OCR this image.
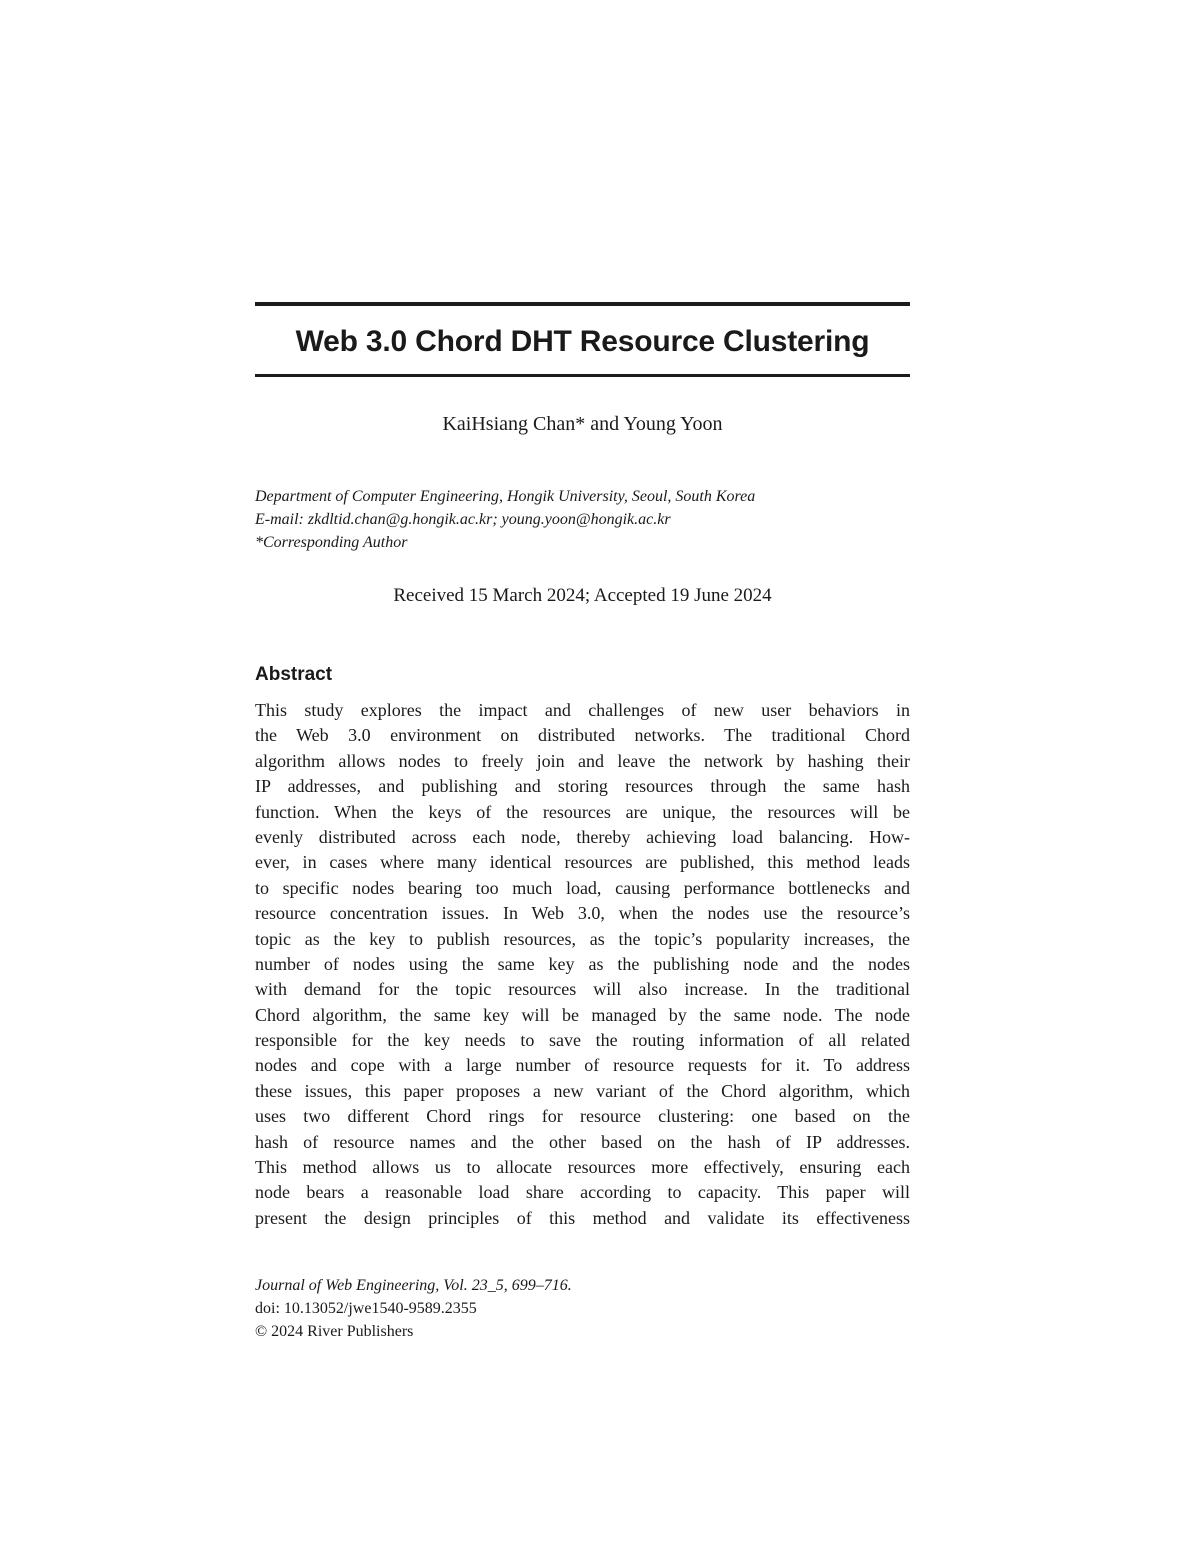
Web 3.0 Chord DHT Resource Clustering
KaiHsiang Chan* and Young Yoon
Department of Computer Engineering, Hongik University, Seoul, South Korea
E-mail: zkdltid.chan@g.hongik.ac.kr; young.yoon@hongik.ac.kr
*Corresponding Author
Received 15 March 2024; Accepted 19 June 2024
Abstract
This study explores the impact and challenges of new user behaviors in
the Web 3.0 environment on distributed networks. The traditional Chord
algorithm allows nodes to freely join and leave the network by hashing their
IP addresses, and publishing and storing resources through the same hash
function. When the keys of the resources are unique, the resources will be
evenly distributed across each node, thereby achieving load balancing. How-
ever, in cases where many identical resources are published, this method leads
to specific nodes bearing too much load, causing performance bottlenecks and
resource concentration issues. In Web 3.0, when the nodes use the resource’s
topic as the key to publish resources, as the topic’s popularity increases, the
number of nodes using the same key as the publishing node and the nodes
with demand for the topic resources will also increase. In the traditional
Chord algorithm, the same key will be managed by the same node. The node
responsible for the key needs to save the routing information of all related
nodes and cope with a large number of resource requests for it. To address
these issues, this paper proposes a new variant of the Chord algorithm, which
uses two different Chord rings for resource clustering: one based on the
hash of resource names and the other based on the hash of IP addresses.
This method allows us to allocate resources more effectively, ensuring each
node bears a reasonable load share according to capacity. This paper will
present the design principles of this method and validate its effectiveness
Journal of Web Engineering, Vol. 23_5, 699–716.
doi: 10.13052/jwe1540-9589.2355
© 2024 River Publishers
